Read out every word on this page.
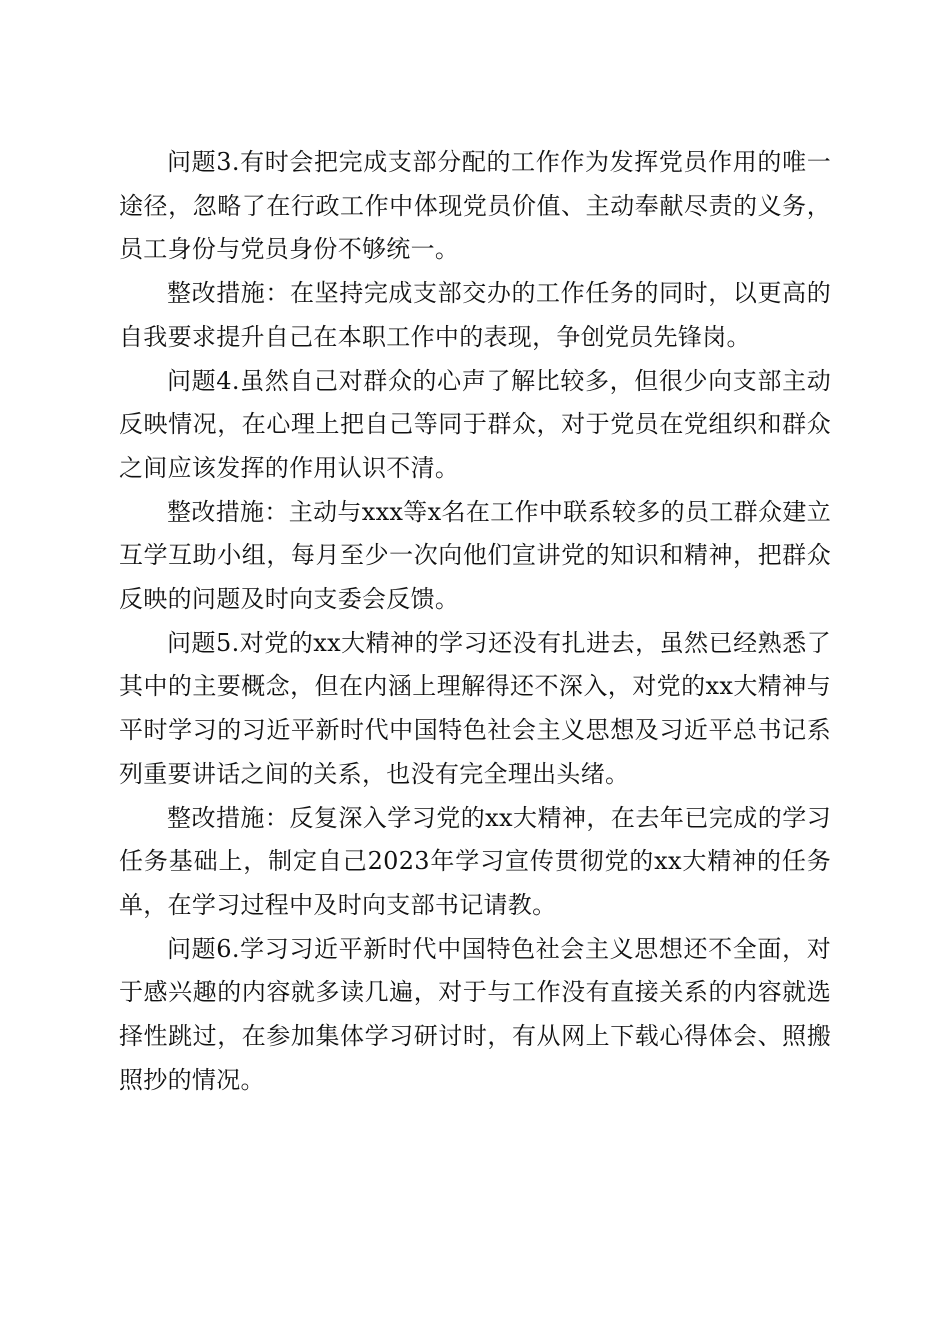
问题3.有时会把完成支部分配的工作作为发挥党员作用的唯一途径，忽略了在行政工作中体现党员价值、主动奉献尽责的义务，员工身份与党员身份不够统一。

整改措施：在坚持完成支部交办的工作任务的同时，以更高的自我要求提升自己在本职工作中的表现，争创党员先锋岗。

问题4.虽然自己对群众的心声了解比较多，但很少向支部主动反映情况，在心理上把自己等同于群众，对于党员在党组织和群众之间应该发挥的作用认识不清。

整改措施：主动与xxx等x名在工作中联系较多的员工群众建立互学互助小组，每月至少一次向他们宣讲党的知识和精神，把群众反映的问题及时向支委会反馈。

问题5.对党的xx大精神的学习还没有扎进去，虽然已经熟悉了其中的主要概念，但在内涵上理解得还不深入，对党的xx大精神与平时学习的习近平新时代中国特色社会主义思想及习近平总书记系列重要讲话之间的关系，也没有完全理出头绪。

整改措施：反复深入学习党的xx大精神，在去年已完成的学习任务基础上，制定自己2023年学习宣传贯彻党的xx大精神的任务单，在学习过程中及时向支部书记请教。

问题6.学习习近平新时代中国特色社会主义思想还不全面，对于感兴趣的内容就多读几遍，对于与工作没有直接关系的内容就选择性跳过，在参加集体学习研讨时，有从网上下载心得体会、照搬照抄的情况。
